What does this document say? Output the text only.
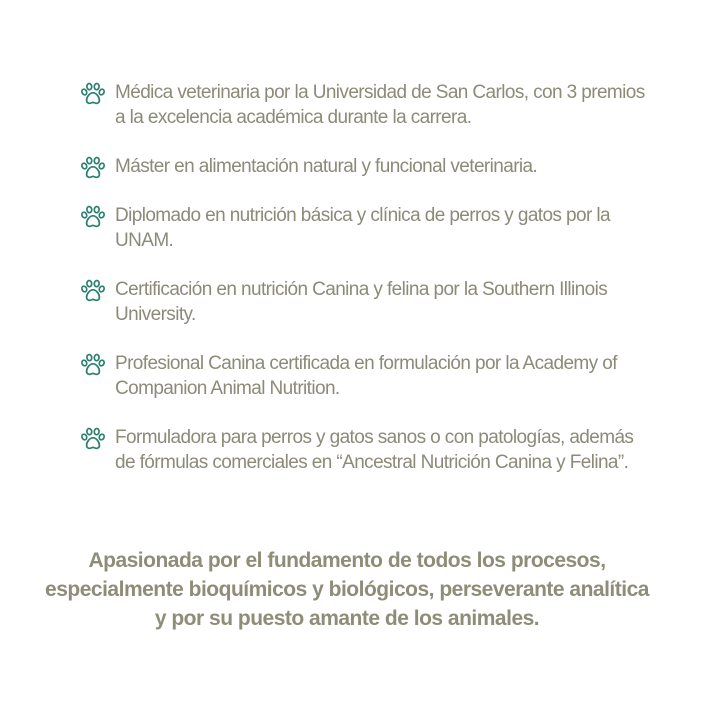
Médica veterinaria por la Universidad de San Carlos, con 3 premios a la excelencia académica durante la carrera.
Máster en alimentación natural y funcional veterinaria.
Diplomado en nutrición básica y clínica de perros y gatos por la UNAM.
Certificación en nutrición Canina y felina por la Southern Illinois University.
Profesional Canina certificada en formulación por la Academy of Companion Animal Nutrition.
Formuladora para perros y gatos sanos o con patologías, además de fórmulas comerciales en “Ancestral Nutrición Canina y Felina”.

Apasionada por el fundamento de todos los procesos, especialmente bioquímicos y biológicos, perseverante analítica y por su puesto amante de los animales.
